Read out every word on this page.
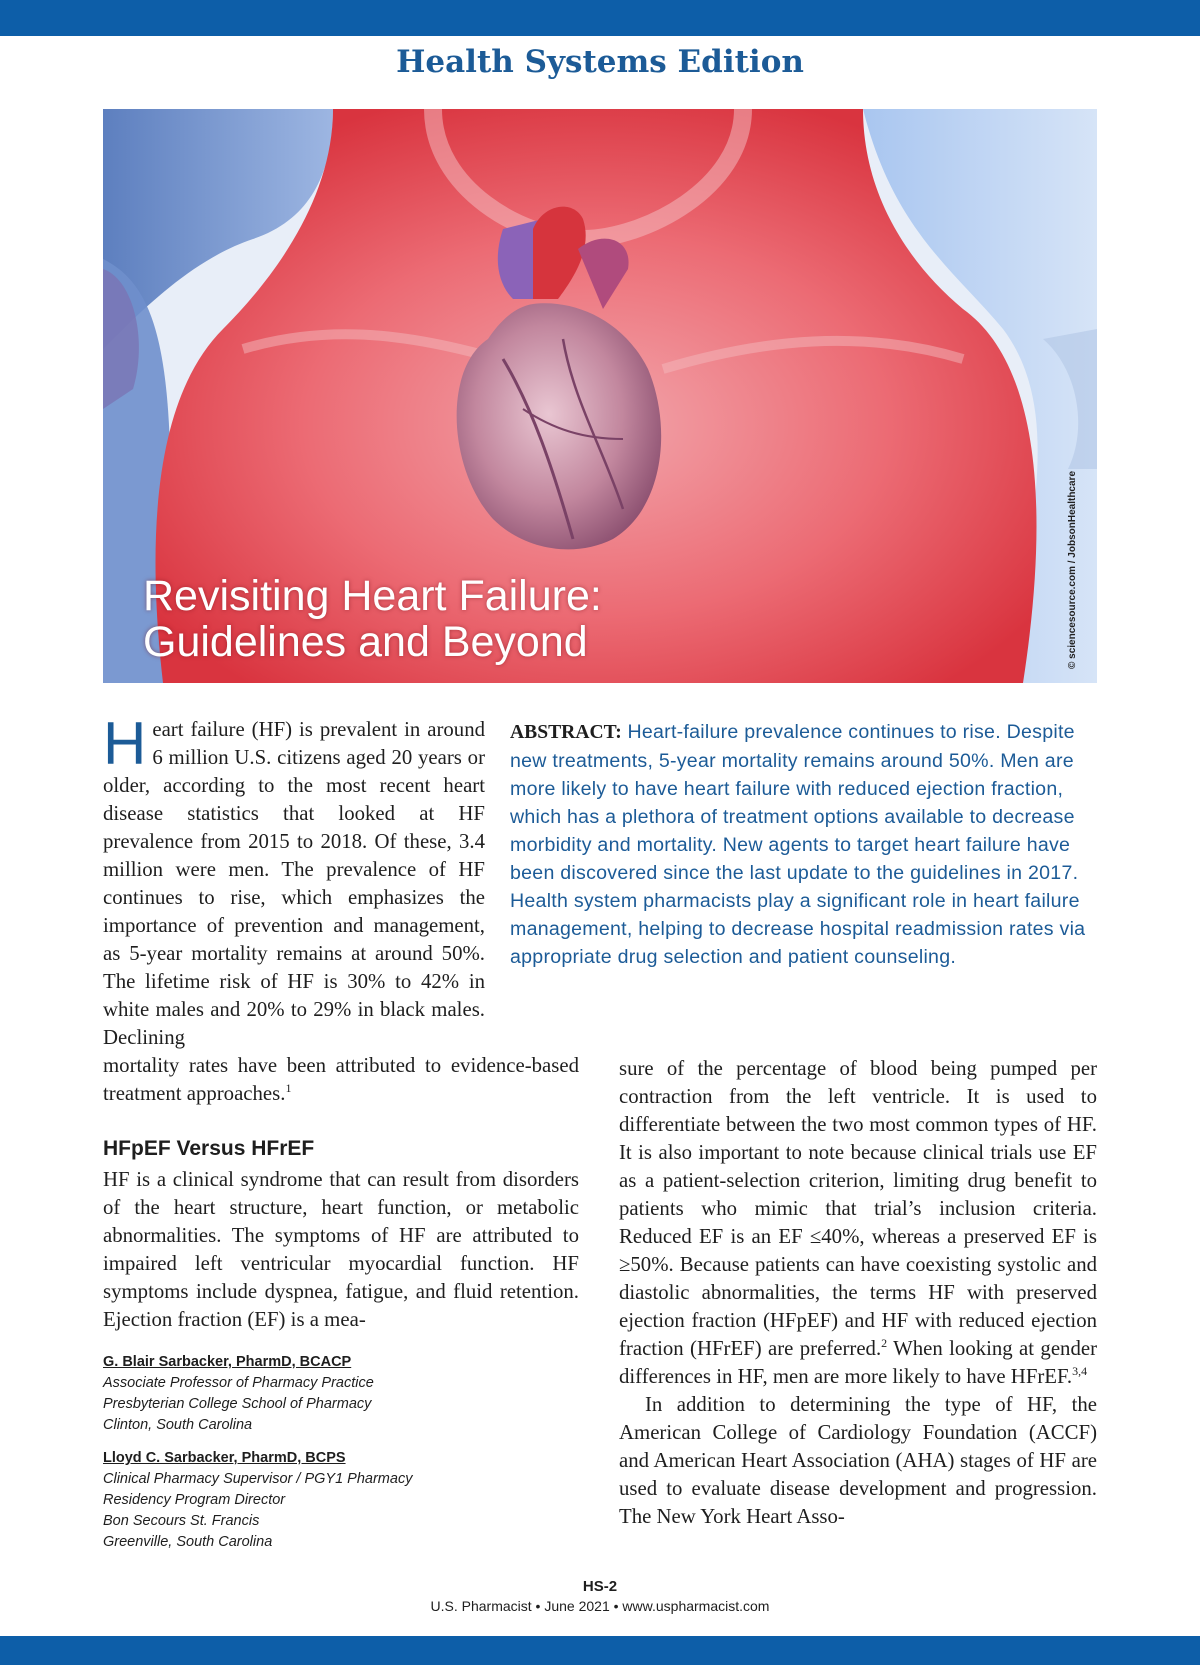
Health Systems Edition
Revisiting Heart Failure:
Guidelines and Beyond	© sciencesource.com / JobsonHealthcare
Heart failure (HF) is prevalent in around 6 million U.S. citizens aged 20 years or older, according to the most recent heart disease statistics that looked at HF prevalence from 2015 to 2018. Of these, 3.4 million were men. The prevalence of HF continues to rise, which emphasizes the importance of prevention and management, as 5-year mortality remains at around 50%. The lifetime risk of HF is 30% to 42% in white males and 20% to 29% in black males. Declining
mortality rates have been attributed to evidence-based treatment approaches.$^1$
ABSTRACT: Heart-failure prevalence continues to rise. Despite new treatments, 5-year mortality remains around 50%. Men are more likely to have heart failure with reduced ejection fraction, which has a plethora of treatment options available to decrease morbidity and mortality. New agents to target heart failure have been discovered since the last update to the guidelines in 2017. Health system pharmacists play a significant role in heart failure management, helping to decrease hospital readmission rates via appropriate drug selection and patient counseling.
HFpEF Versus HFrEF
HF is a clinical syndrome that can result from disorders of the heart structure, heart function, or metabolic abnormalities. The symptoms of HF are attributed to impaired left ventricular myocardial function. HF symptoms include dyspnea, fatigue, and fluid retention. Ejection fraction (EF) is a mea-
G. Blair Sarbacker, PharmD, BCACP
Associate Professor of Pharmacy Practice
Presbyterian College School of Pharmacy
Clinton, South Carolina
Lloyd C. Sarbacker, PharmD, BCPS
Clinical Pharmacy Supervisor / PGY1 Pharmacy
Residency Program Director
Bon Secours St. Francis
Greenville, South Carolina

sure of the percentage of blood being pumped per contraction from the left ventricle. It is used to differentiate between the two most common types of HF. It is also important to note because clinical trials use EF as a patient-selection criterion, limiting drug benefit to patients who mimic that trial’s inclusion criteria. Reduced EF is an EF ≤40%, whereas a preserved EF is ≥50%. Because patients can have coexisting systolic and diastolic abnormalities, the terms HF with preserved ejection fraction (HFpEF) and HF with reduced ejection fraction (HFrEF) are preferred.$^2$ When looking at gender differences in HF, men are more likely to have HFrEF.$^{3,4}$

In addition to determining the type of HF, the American College of Cardiology Foundation (ACCF) and American Heart Association (AHA) stages of HF are used to evaluate disease development and progression. The New York Heart Asso-

HS-2
U.S. Pharmacist • June 2021 • www.uspharmacist.com
